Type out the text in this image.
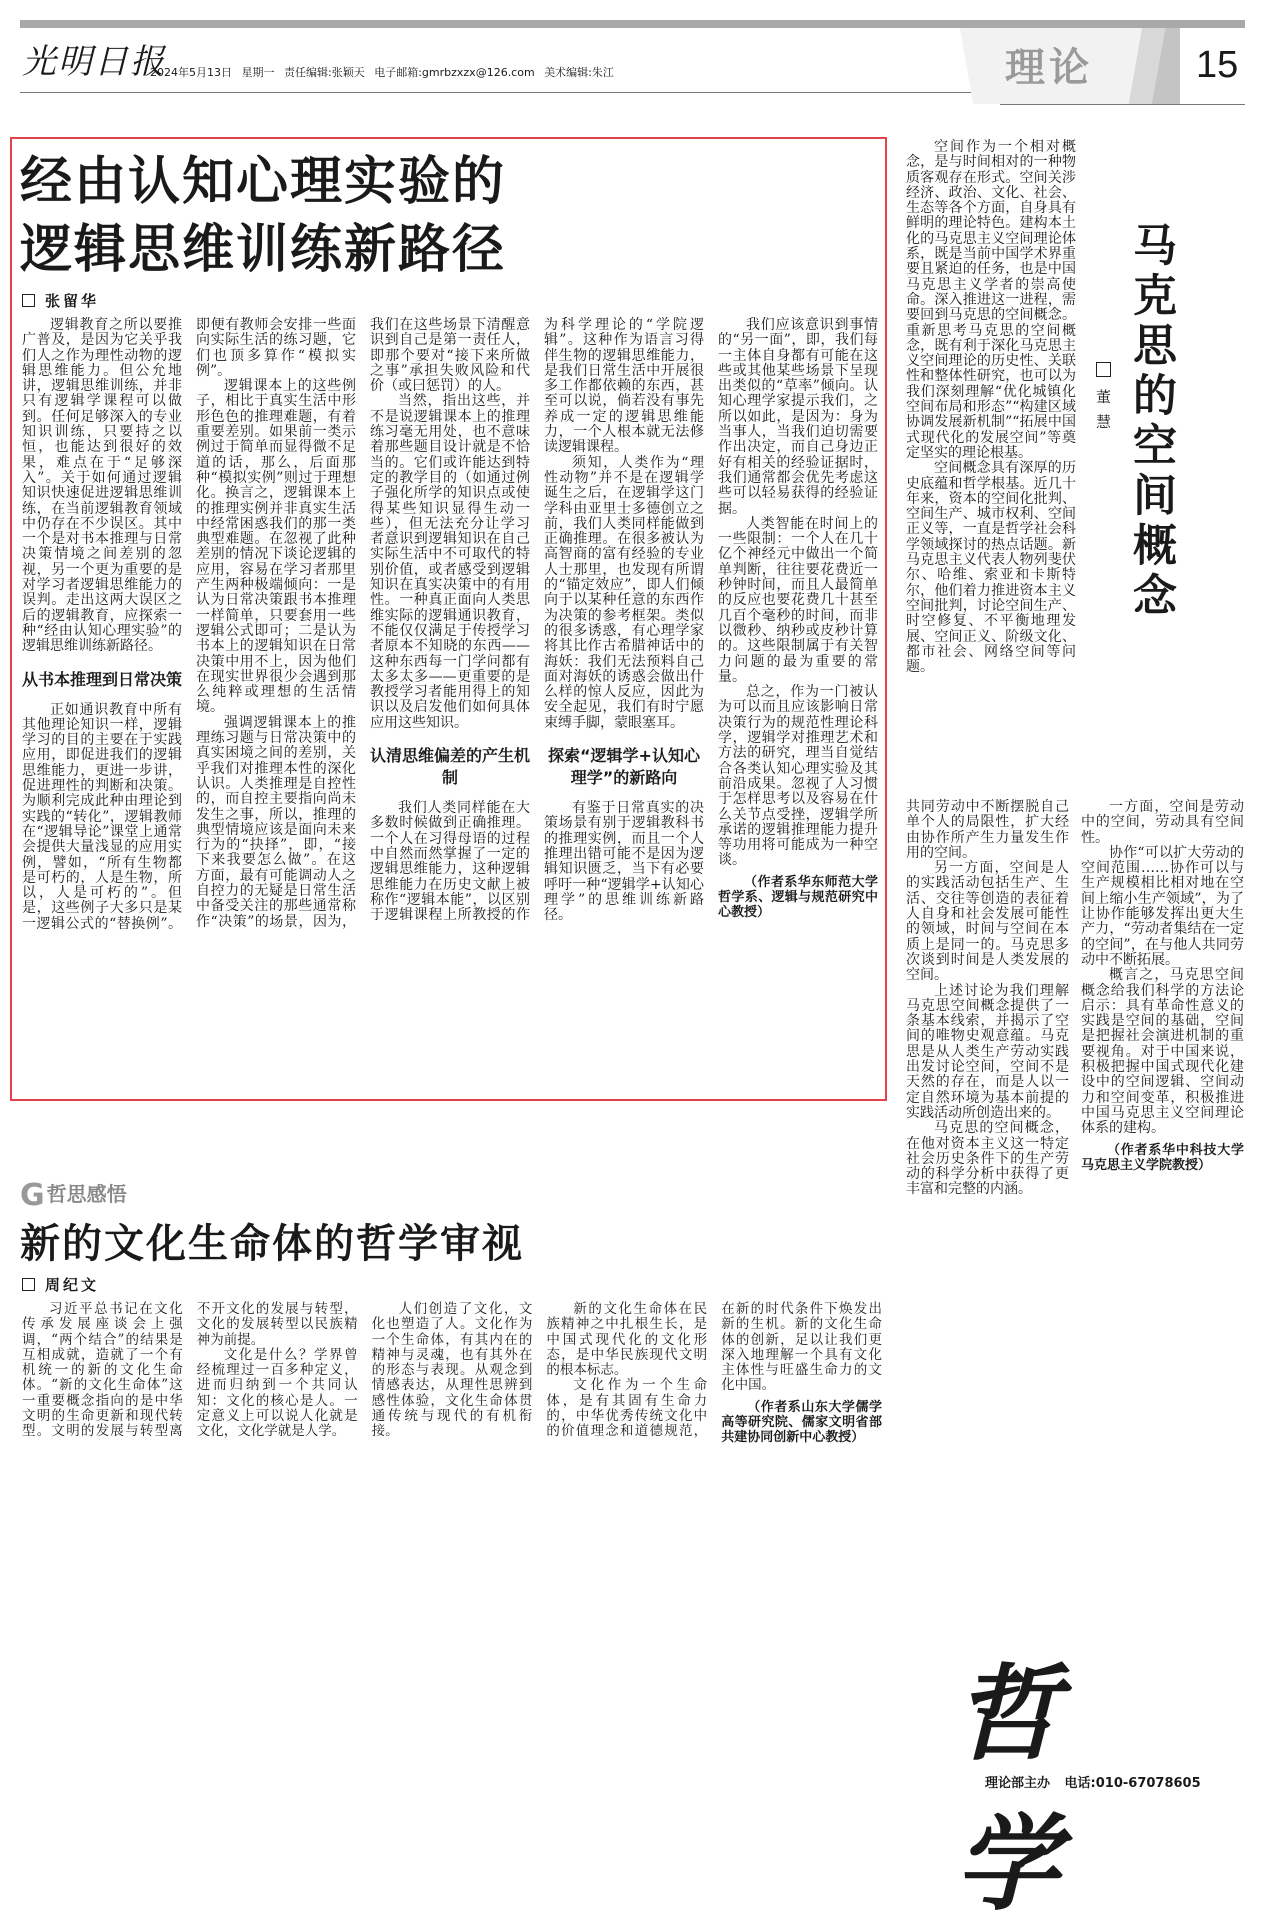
光明日报
2024年5月13日 星期一 责任编辑:张颖天 电子邮箱:gmrbzxzx@126.com 美术编辑:朱江	理论	15
经由认知心理实验的
逻辑思维训练新路径
张留华

逻辑教育之所以要推广普及，是因为它关乎我们人之作为理性动物的逻辑思维能力。但公允地讲，逻辑思维训练，并非只有逻辑学课程可以做到。任何足够深入的专业知识训练，只要持之以恒，也能达到很好的效果，难点在于“足够深入”。关于如何通过逻辑知识快速促进逻辑思维训练，在当前逻辑教育领域中仍存在不少误区。其中一个是对书本推理与日常决策情境之间差别的忽视，另一个更为重要的是对学习者逻辑思维能力的误判。走出这两大误区之后的逻辑教育，应探索一种“经由认知心理实验”的逻辑思维训练新路径。

从书本推理到日常决策

正如通识教育中所有其他理论知识一样，逻辑学习的目的主要在于实践应用，即促进我们的逻辑思维能力，更进一步讲，促进理性的判断和决策。为顺利完成此种由理论到实践的“转化”，逻辑教师在“逻辑导论”课堂上通常会提供大量浅显的应用实例，譬如，“所有生物都是可朽的，人是生物，所以，人是可朽的”。但是，这些例子大多只是某一逻辑公式的“替换例”。即便有教师会安排一些面向实际生活的练习题，它们也顶多算作“模拟实例”。

逻辑课本上的这些例子，相比于真实生活中形形色色的推理难题，有着重要差别。如果前一类示例过于简单而显得微不足道的话，那么，后面那种“模拟实例”则过于理想化。换言之，逻辑课本上的推理实例并非真实生活中经常困惑我们的那一类典型难题。在忽视了此种差别的情况下谈论逻辑的应用，容易在学习者那里产生两种极端倾向：一是认为日常决策跟书本推理一样简单，只要套用一些逻辑公式即可；二是认为书本上的逻辑知识在日常决策中用不上，因为他们在现实世界很少会遇到那么纯粹或理想的生活情境。

强调逻辑课本上的推理练习题与日常决策中的真实困境之间的差别，关乎我们对推理本性的深化认识。人类推理是自控性的，而自控主要指向尚未发生之事，所以，推理的典型情境应该是面向未来行为的“抉择”，即，“接下来我要怎么做”。在这方面，最有可能调动人之自控力的无疑是日常生活中备受关注的那些通常称作“决策”的场景，因为，我们在这些场景下清醒意识到自己是第一责任人，即那个要对“接下来所做之事”承担失败风险和代价（或曰惩罚）的人。

当然，指出这些，并不是说逻辑课本上的推理练习毫无用处，也不意味着那些题目设计就是不恰当的。它们或许能达到特定的教学目的（如通过例子强化所学的知识点或使得某些知识显得生动一些），但无法充分让学习者意识到逻辑知识在自己实际生活中不可取代的特别价值，或者感受到逻辑知识在真实决策中的有用性。一种真正面向人类思维实际的逻辑通识教育，不能仅仅满足于传授学习者原本不知晓的东西——这种东西每一门学问都有太多太多——更重要的是教授学习者能用得上的知识以及启发他们如何具体应用这些知识。

认清思维偏差的产生机制

我们人类同样能在大多数时候做到正确推理。一个人在习得母语的过程中自然而然掌握了一定的逻辑思维能力，这种逻辑思维能力在历史文献上被称作“逻辑本能”，以区别于逻辑课程上所教授的作为科学理论的“学院逻辑”。这种作为语言习得伴生物的逻辑思维能力，是我们日常生活中开展很多工作都依赖的东西，甚至可以说，倘若没有事先养成一定的逻辑思维能力，一个人根本就无法修读逻辑课程。

须知，人类作为“理性动物”并不是在逻辑学诞生之后，在逻辑学这门学科由亚里士多德创立之前，我们人类同样能做到正确推理。在很多被认为高智商的富有经验的专业人士那里，也发现有所谓的“锚定效应”，即人们倾向于以某种任意的东西作为决策的参考框架。类似的很多诱惑，有心理学家将其比作古希腊神话中的海妖：我们无法预料自己面对海妖的诱惑会做出什么样的惊人反应，因此为安全起见，我们有时宁愿束缚手脚，蒙眼塞耳。

探索“逻辑学+认知心理学”的新路向

有鉴于日常真实的决策场景有别于逻辑教科书的推理实例，而且一个人推理出错可能不是因为逻辑知识匮乏，当下有必要呼吁一种“逻辑学+认知心理学”的思维训练新路径。

我们应该意识到事情的“另一面”，即，我们每一主体自身都有可能在这些或其他某些场景下呈现出类似的“草率”倾向。认知心理学家提示我们，之所以如此，是因为：身为当事人，当我们迫切需要作出决定，而自己身边正好有相关的经验证据时，我们通常都会优先考虑这些可以轻易获得的经验证据。

人类智能在时间上的一些限制：一个人在几十亿个神经元中做出一个简单判断，往往要花费近一秒钟时间，而且人最简单的反应也要花费几十甚至几百个毫秒的时间，而非以微秒、纳秒或皮秒计算的。这些限制属于有关智力问题的最为重要的常量。

总之，作为一门被认为可以而且应该影响日常决策行为的规范性理论科学，逻辑学对推理艺术和方法的研究，理当自觉结合各类认知心理实验及其前沿成果。忽视了人习惯于怎样思考以及容易在什么关节点受挫，逻辑学所承诺的逻辑推理能力提升等功用将可能成为一种空谈。

（作者系华东师范大学哲学系、逻辑与规范研究中心教授）

空间作为一个相对概念，是与时间相对的一种物质客观存在形式。空间关涉经济、政治、文化、社会、生态等各个方面，自身具有鲜明的理论特色。建构本土化的马克思主义空间理论体系，既是当前中国学术界重要且紧迫的任务，也是中国马克思主义学者的崇高使命。深入推进这一进程，需要回到马克思的空间概念。重新思考马克思的空间概念，既有利于深化马克思主义空间理论的历史性、关联性和整体性研究，也可以为我们深刻理解“优化城镇化空间布局和形态”“构建区域协调发展新机制”“拓展中国式现代化的发展空间”等奠定坚实的理论根基。

空间概念具有深厚的历史底蕴和哲学根基。近几十年来，资本的空间化批判、空间生产、城市权利、空间正义等，一直是哲学社会科学领域探讨的热点话题。新马克思主义代表人物列斐伏尔、哈维、索亚和卡斯特尔，他们着力推进资本主义空间批判，讨论空间生产、时空修复、不平衡地理发展、空间正义、阶级文化、都市社会、网络空间等问题。

马克思的空间概念
董慧

共同劳动中不断摆脱自己单个人的局限性，扩大经由协作所产生力量发生作用的空间。

另一方面，空间是人的实践活动包括生产、生活、交往等创造的表征着人自身和社会发展可能性的领域，时间与空间在本质上是同一的。马克思多次谈到时间是人类发展的空间。

上述讨论为我们理解马克思空间概念提供了一条基本线索，并揭示了空间的唯物史观意蕴。马克思是从人类生产劳动实践出发讨论空间，空间不是天然的存在，而是人以一定自然环境为基本前提的实践活动所创造出来的。

马克思的空间概念，在他对资本主义这一特定社会历史条件下的生产劳动的科学分析中获得了更丰富和完整的内涵。

一方面，空间是劳动中的空间，劳动具有空间性。

协作“可以扩大劳动的空间范围……协作可以与生产规模相比相对地在空间上缩小生产领域”，为了让协作能够发挥出更大生产力，“劳动者集结在一定的空间”，在与他人共同劳动中不断拓展。

概言之，马克思空间概念给我们科学的方法论启示：具有革命性意义的实践是空间的基础，空间是把握社会演进机制的重要视角。对于中国来说，积极把握中国式现代化建设中的空间逻辑、空间动力和空间变革，积极推进中国马克思主义空间理论体系的建构。

（作者系华中科技大学马克思主义学院教授）

哲学
理论部主办 电话:010-67078605
G哲思感悟
新的文化生命体的哲学审视
周纪文

习近平总书记在文化传承发展座谈会上强调，“两个结合”的结果是互相成就，造就了一个有机统一的新的文化生命体。“新的文化生命体”这一重要概念指向的是中华文明的生命更新和现代转型。文明的发展与转型离不开文化的发展与转型，文化的发展转型以民族精神为前提。

文化是什么？学界曾经梳理过一百多种定义，进而归纳到一个共同认知：文化的核心是人。一定意义上可以说人化就是文化，文化学就是人学。

人们创造了文化，文化也塑造了人。文化作为一个生命体，有其内在的精神与灵魂，也有其外在的形态与表现。从观念到情感表达，从理性思辨到感性体验，文化生命体贯通传统与现代的有机衔接。

新的文化生命体在民族精神之中扎根生长，是中国式现代化的文化形态，是中华民族现代文明的根本标志。

文化作为一个生命体，是有其固有生命力的，中华优秀传统文化中的价值理念和道德规范，在新的时代条件下焕发出新的生机。新的文化生命体的创新，足以让我们更深入地理解一个具有文化主体性与旺盛生命力的文化中国。

（作者系山东大学儒学高等研究院、儒家文明省部共建协同创新中心教授）
